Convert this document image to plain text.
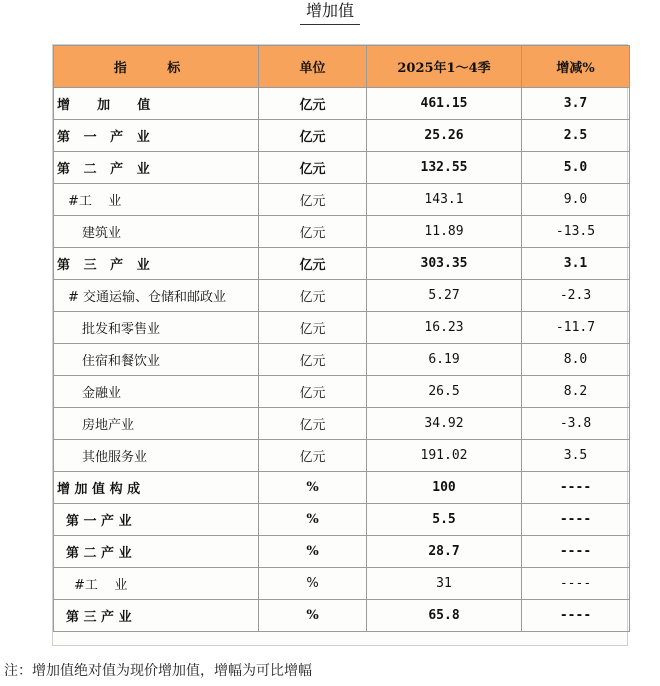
增加值
指 标	单位	2025年1～4季	增减%
增      加      值	亿元	461.15	3.7
第   一   产   业	亿元	25.26	2.5
第   二   产   业	亿元	132.55	5.0
#工    业	亿元	143.1	9.0
建筑业	亿元	11.89	-13.5
第   三   产   业	亿元	303.35	3.1
# 交通运输、仓储和邮政业	亿元	5.27	-2.3
批发和零售业	亿元	16.23	-11.7
住宿和餐饮业	亿元	6.19	8.0
金融业	亿元	26.5	8.2
房地产业	亿元	34.92	-3.8
其他服务业	亿元	191.02	3.5
增 加 值 构 成	%	100	----
第 一 产 业	%	5.5	----
第 二 产 业	%	28.7	----
#工    业	%	31	----
第 三 产 业	%	65.8	----
注：增加值绝对值为现价增加值，增幅为可比增幅
